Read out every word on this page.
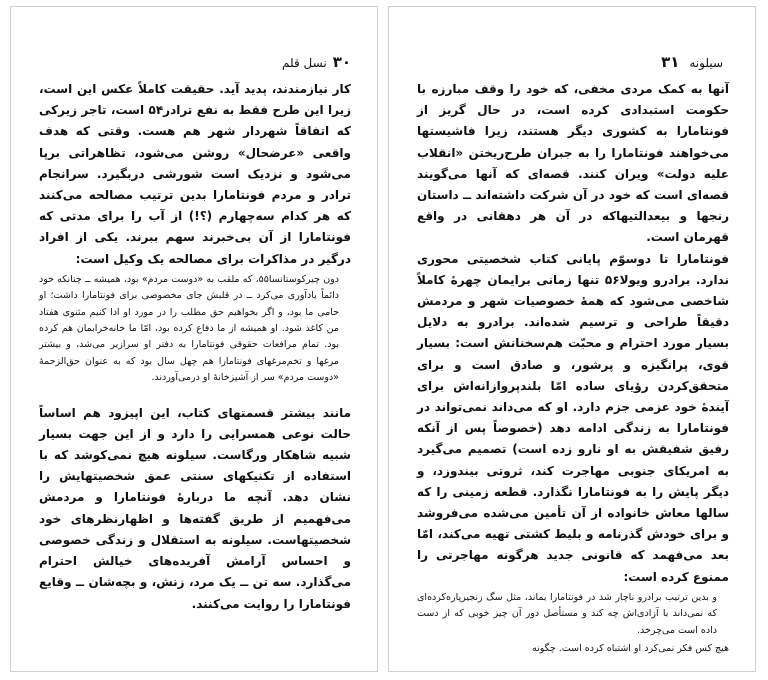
۳۰
نسل قلم

کار نیازمندند، پدید آید. حقیقت کاملاً عکس این است، زیرا این طرح فقط به نفع ترادر۵۴ است، تاجر زیرکی که اتفاقاً شهردار شهر هم هست. وقتی که هدف واقعی «عرضحال» روشن می‌شود، تظاهراتی برپا می‌شود و نزدیک است شورشی دربگیرد. سرانجام ترادر و مردم فونتامارا بدین ترتیب مصالحه می‌کنند که هر کدام سه‌چهارم (؟!) از آب را برای مدتی که فونتامارا از آن بی‌خبرند سهم ببرند. یکی از افراد درگیر در مذاکرات برای مصالحه یک وکیل است:

دون چیرکوستانسا۵۵، که ملقب به «دوست مردم» بود، همیشه ــ چنانکه خود دائماً یادآوری می‌کرد ــ در قلبش جای مخصوصی برای فونتامارا داشت؛ او حامی ما بود، و اگر بخواهیم حق مطلب را در مورد او ادا کنیم مثنوی هفتاد من کاغذ شود. او همیشه از ما دفاع کرده بود، امّا ما خانه‌خرابمان هم کرده بود. تمام مرافعات حقوقی فونتامارا به دفتر او سرازیر می‌شد، و بیشتر مرغها و تخم‌مرغهای فونتامارا هم چهل سال بود که به عنوان حق‌الزحمهٔ «دوست مردم» سر از آشپزخانهٔ او درمی‌آوردند.

مانند بیشتر قسمتهای کتاب، این اپیزود هم اساساً حالت نوعی همسرایی را دارد و از این جهت بسیار شبیه شاهکار ورگاست. سیلونه هیچ نمی‌کوشد که با استفاده از تکنیکهای سنتی عمق شخصیتهایش را نشان دهد. آنچه ما دربارهٔ فونتامارا و مردمش می‌فهمیم از طریق گفته‌ها و اظهارنظرهای خود شخصیتهاست. سیلونه به استقلال و زندگی خصوصی و احساس آرامش آفریده‌های خیالش احترام می‌گذارد. سه تن ــ یک مرد، زنش، و بچه‌شان ــ وقایع فونتامارا را روایت می‌کنند.

سیلونه
۳۱

آنها به کمک مردی مخفی، که خود را وقف مبارزه با حکومت استبدادی کرده است، در حال گریز از فونتامارا به کشوری دیگر هستند، زیرا فاشیستها می‌خواهند فونتامارا را به جبران طرح‌ریختن «انقلاب علیه دولت» ویران کنند. قصه‌ای که آنها می‌گویند قصه‌ای است که خود در آن شرکت داشته‌اند ــ داستان رنجها و بیعدالتیهاکه در آن هر دهقانی در واقع قهرمان است.

فونتامارا تا دوسوّم پایانی کتاب شخصیتی محوری ندارد. برادرو ویولا۵۶ تنها زمانی برایمان چهرهٔ کاملاً شاخصی می‌شود که همهٔ خصوصیات شهر و مردمش دقیقاً طراحی و ترسیم شده‌اند. برادرو به دلایل بسیار مورد احترام و محبّت هم‌سخنانش است: بسیار قوی، پرانگیزه و پرشور، و صادق است و برای متحقق‌کردن رؤیای ساده امّا بلندپروازانه‌اش برای آیندهٔ خود عزمی جزم دارد. او که می‌داند نمی‌تواند در فونتامارا به زندگی ادامه دهد (خصوصاً پس از آنکه رفیق شفیقش به او نارو زده است) تصمیم می‌گیرد به امریکای جنوبی مهاجرت کند، ثروتی بیندوزد، و دیگر پایش را به فونتامارا نگذارد. قطعه زمینی را که سالها معاش خانواده از آن تأمین می‌شده می‌فروشد و برای خودش گذرنامه و بلیط کشتی تهیه می‌کند، امّا بعد می‌فهمد که قانونی جدید هرگونه مهاجرتی را ممنوع کرده است:

و بدین ترتیب برادرو ناچار شد در فونتامارا بماند، مثل سگ زنجیرپاره‌کرده‌ای که نمی‌داند با آزادی‌اش چه کند و مستأصل دور آن چیز خوبی که از دست داده است می‌چرخد.

هیچ کس فکر نمی‌کرد او اشتباه کرده است. چگونه
